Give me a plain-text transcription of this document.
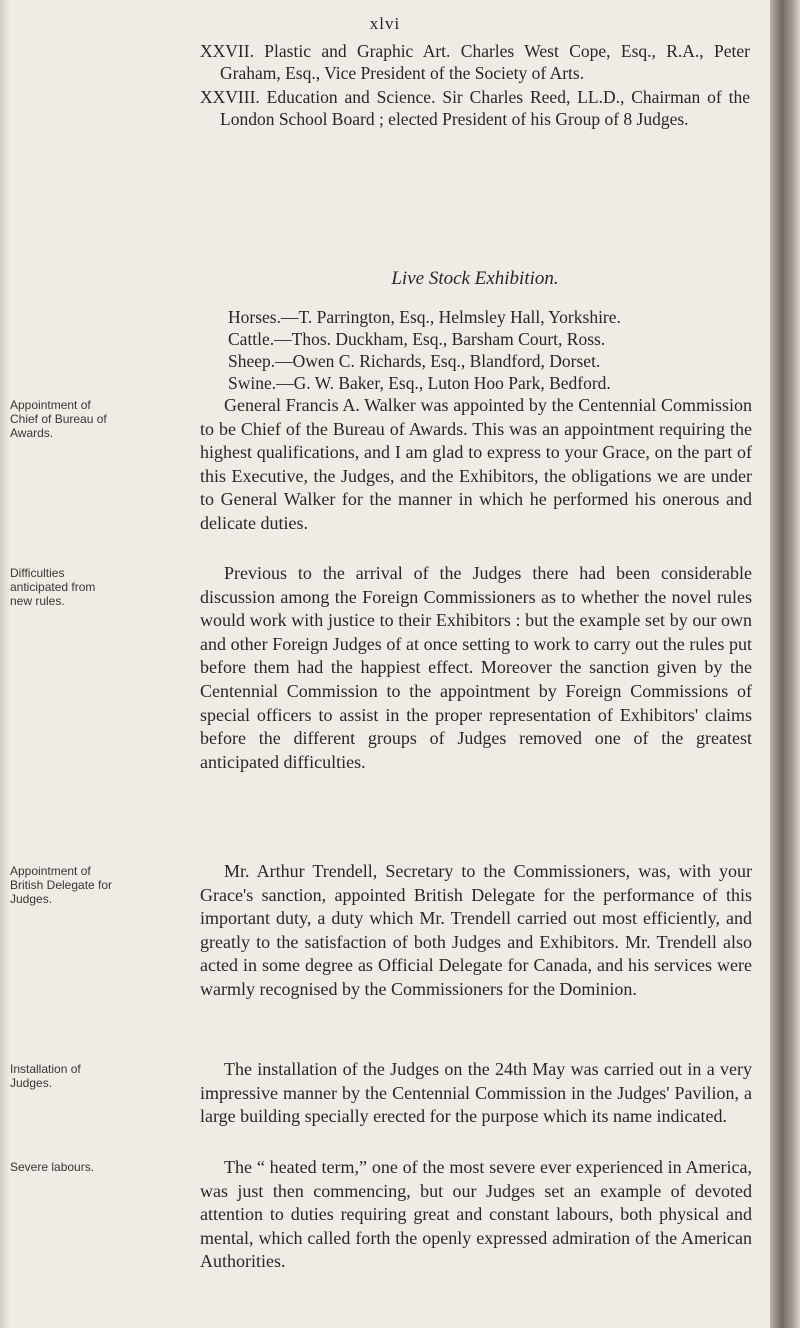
xlvi

XXVII. Plastic and Graphic Art. Charles West Cope, Esq., R.A., Peter Graham, Esq., Vice President of the Society of Arts.

XXVIII. Education and Science. Sir Charles Reed, LL.D., Chairman of the London School Board ; elected President of his Group of 8 Judges.

Live Stock Exhibition.
Horses.—T. Parrington, Esq., Helmsley Hall, Yorkshire.
Cattle.—Thos. Duckham, Esq., Barsham Court, Ross.
Sheep.—Owen C. Richards, Esq., Blandford, Dorset.
Swine.—G. W. Baker, Esq., Luton Hoo Park, Bedford.
Appointment of Chief of Bureau of Awards.
General Francis A. Walker was appointed by the Centennial Commission to be Chief of the Bureau of Awards. This was an appointment requiring the highest qualifications, and I am glad to express to your Grace, on the part of this Executive, the Judges, and the Exhibitors, the obligations we are under to General Walker for the manner in which he performed his onerous and delicate duties.
Difficulties anticipated from new rules.
Previous to the arrival of the Judges there had been considerable discussion among the Foreign Commissioners as to whether the novel rules would work with justice to their Exhibitors : but the example set by our own and other Foreign Judges of at once setting to work to carry out the rules put before them had the happiest effect. Moreover the sanction given by the Centennial Commission to the appointment by Foreign Commissions of special officers to assist in the proper representation of Exhibitors' claims before the different groups of Judges removed one of the greatest anticipated difficulties.
Appointment of British Delegate for Judges.
Mr. Arthur Trendell, Secretary to the Commissioners, was, with your Grace's sanction, appointed British Delegate for the performance of this important duty, a duty which Mr. Trendell carried out most efficiently, and greatly to the satisfaction of both Judges and Exhibitors. Mr. Trendell also acted in some degree as Official Delegate for Canada, and his services were warmly recognised by the Commissioners for the Dominion.
Installation of Judges.
The installation of the Judges on the 24th May was carried out in a very impressive manner by the Centennial Commission in the Judges' Pavilion, a large building specially erected for the purpose which its name indicated.
Severe labours.	The “ heated term,” one of the most severe ever experienced in America, was just then commencing, but our Judges set an example of devoted attention to duties requiring great and constant labours, both physical and mental, which called forth the openly expressed admiration of the American Authorities.
